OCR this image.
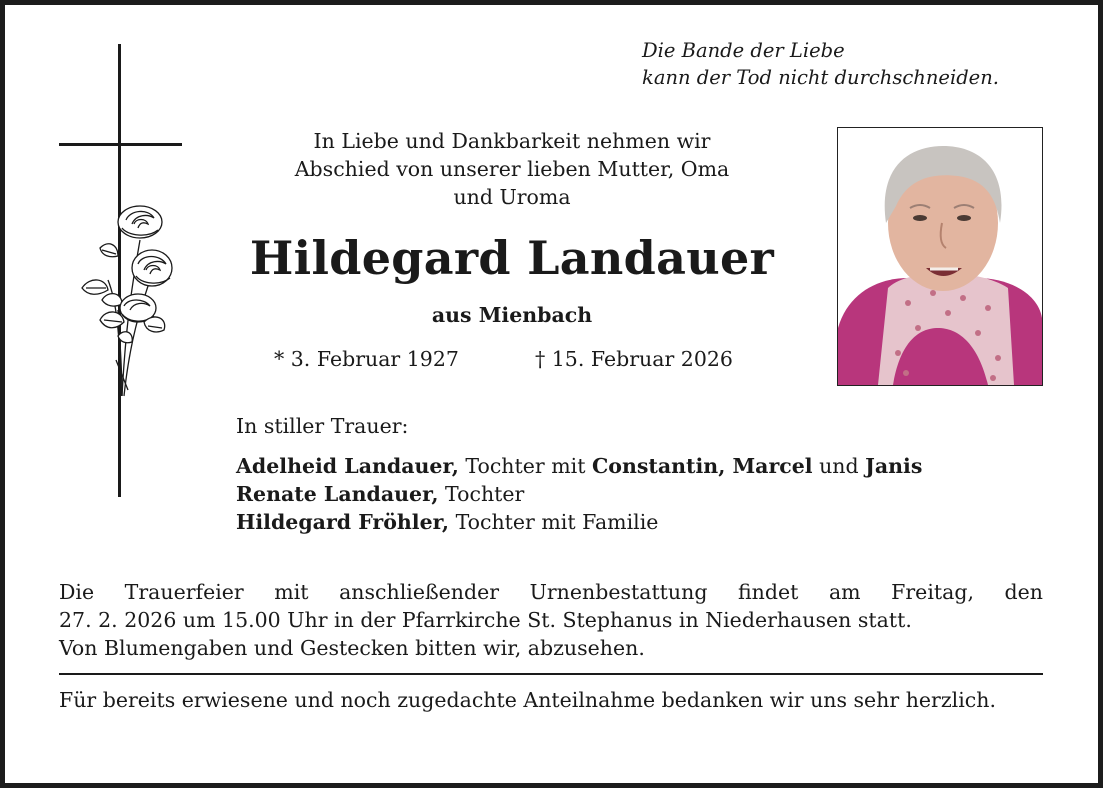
Die Bande der Liebe
kann der Tod nicht durchschneiden.
In Liebe und Dankbarkeit nehmen wir
Abschied von unserer lieben Mutter, Oma
und Uroma
Hildegard Landauer
aus Mienbach
* 3. Februar 1927	† 15. Februar 2026
In stiller Trauer:
Adelheid Landauer, Tochter mit Constantin, Marcel und Janis
Renate Landauer, Tochter
Hildegard Fröhler, Tochter mit Familie

Die Trauerfeier mit anschließender Urnenbestattung findet am Freitag, den

27. 2. 2026 um 15.00 Uhr in der Pfarrkirche St. Stephanus in Niederhausen statt.

Von Blumengaben und Gestecken bitten wir, abzusehen.

Für bereits erwiesene und noch zugedachte Anteilnahme bedanken wir uns sehr herzlich.
